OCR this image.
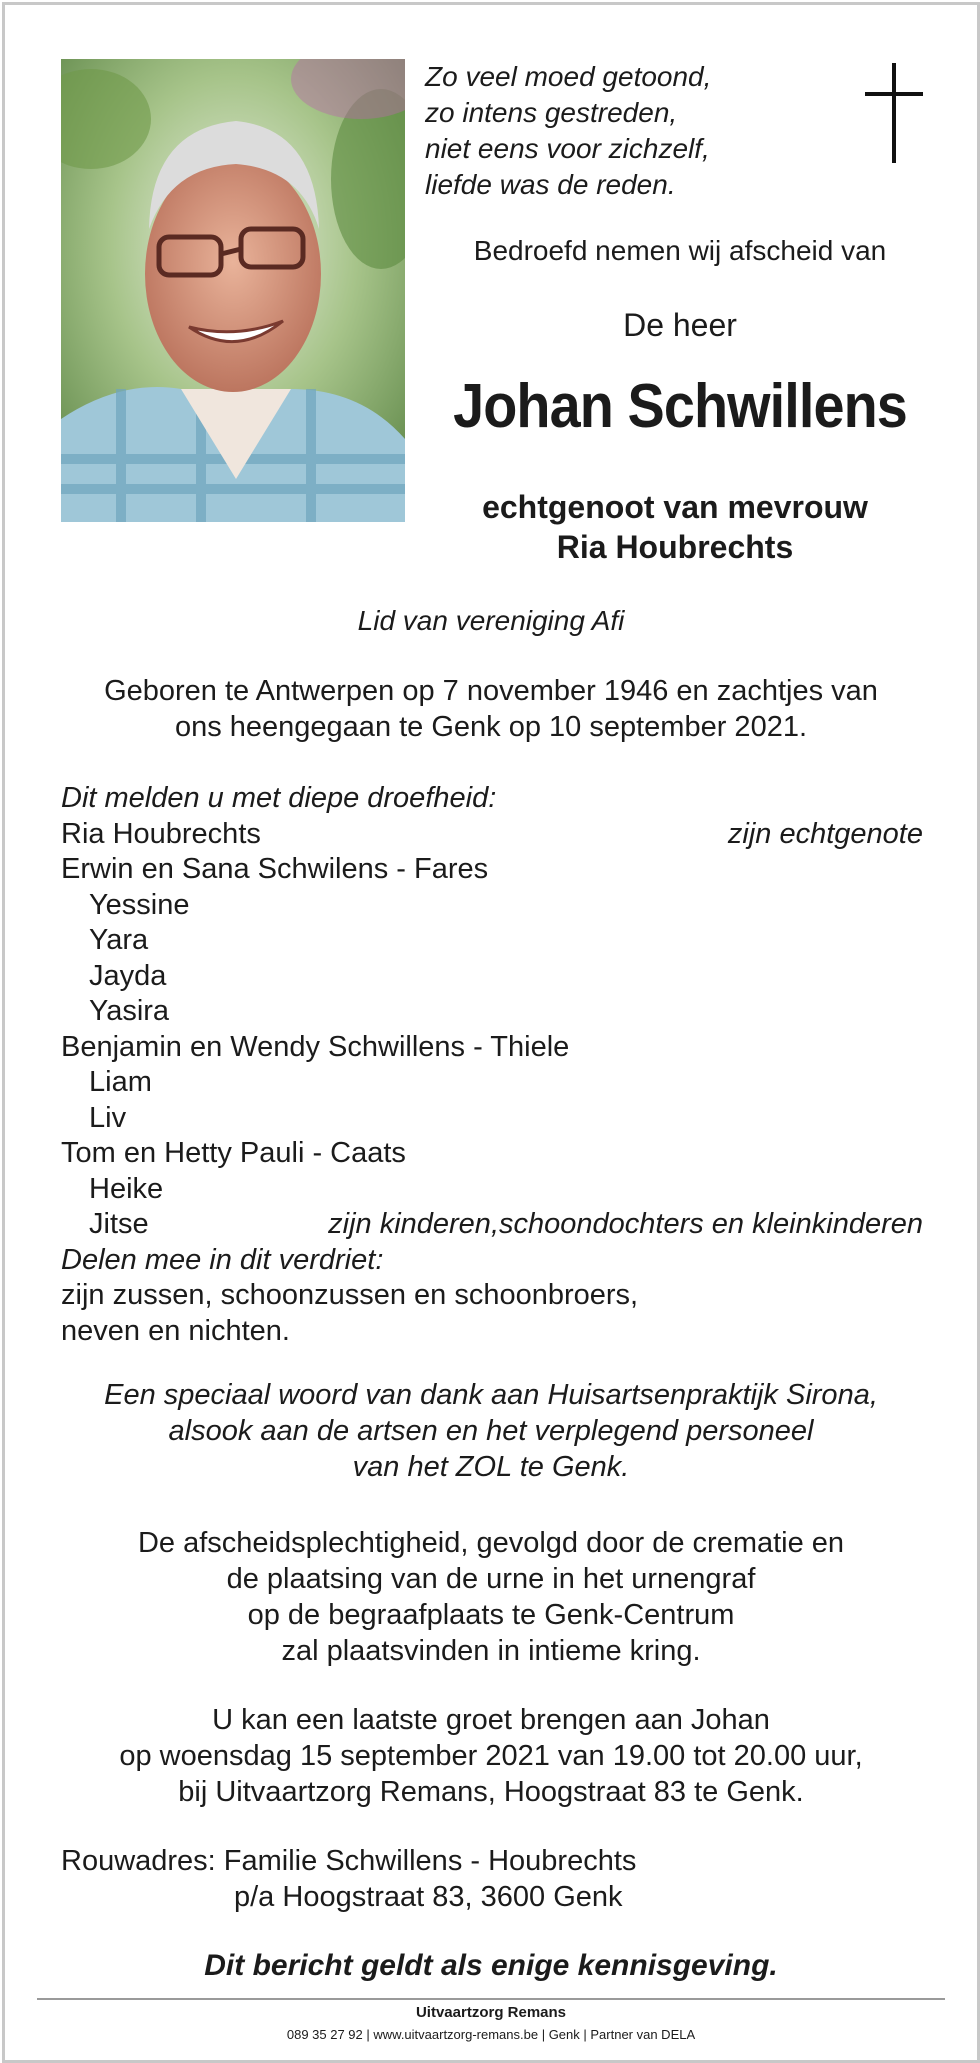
Zo veel moed getoond,
zo intens gestreden,
niet eens voor zichzelf,
liefde was de reden.
Bedroefd nemen wij afscheid van
De heer
Johan Schwillens
echtgenoot van mevrouw
Ria Houbrechts
Lid van vereniging Afi
Geboren te Antwerpen op 7 november 1946 en zachtjes van
ons heengegaan te Genk op 10 september 2021.
Dit melden u met diepe droefheid:
Ria Houbrechts	zijn echtgenote
Erwin en Sana Schwilens - Fares
Yessine
Yara
Jayda
Yasira
Benjamin en Wendy Schwillens - Thiele
Liam
Liv
Tom en Hetty Pauli - Caats
Heike
Jitse	zijn kinderen,schoondochters en kleinkinderen
Delen mee in dit verdriet:
zijn zussen, schoonzussen en schoonbroers,
neven en nichten.
Een speciaal woord van dank aan Huisartsenpraktijk Sirona,
alsook aan de artsen en het verplegend personeel
van het ZOL te Genk.
De afscheidsplechtigheid, gevolgd door de crematie en
de plaatsing van de urne in het urnengraf
op de begraafplaats te Genk-Centrum
zal plaatsvinden in intieme kring.
U kan een laatste groet brengen aan Johan
op woensdag 15 september 2021 van 19.00 tot 20.00 uur,
bij Uitvaartzorg Remans, Hoogstraat 83 te Genk.
Rouwadres: Familie Schwillens - Houbrechts
p/a Hoogstraat 83, 3600 Genk
Dit bericht geldt als enige kennisgeving.
Uitvaartzorg Remans
089 35 27 92 | www.uitvaartzorg-remans.be | Genk | Partner van DELA
